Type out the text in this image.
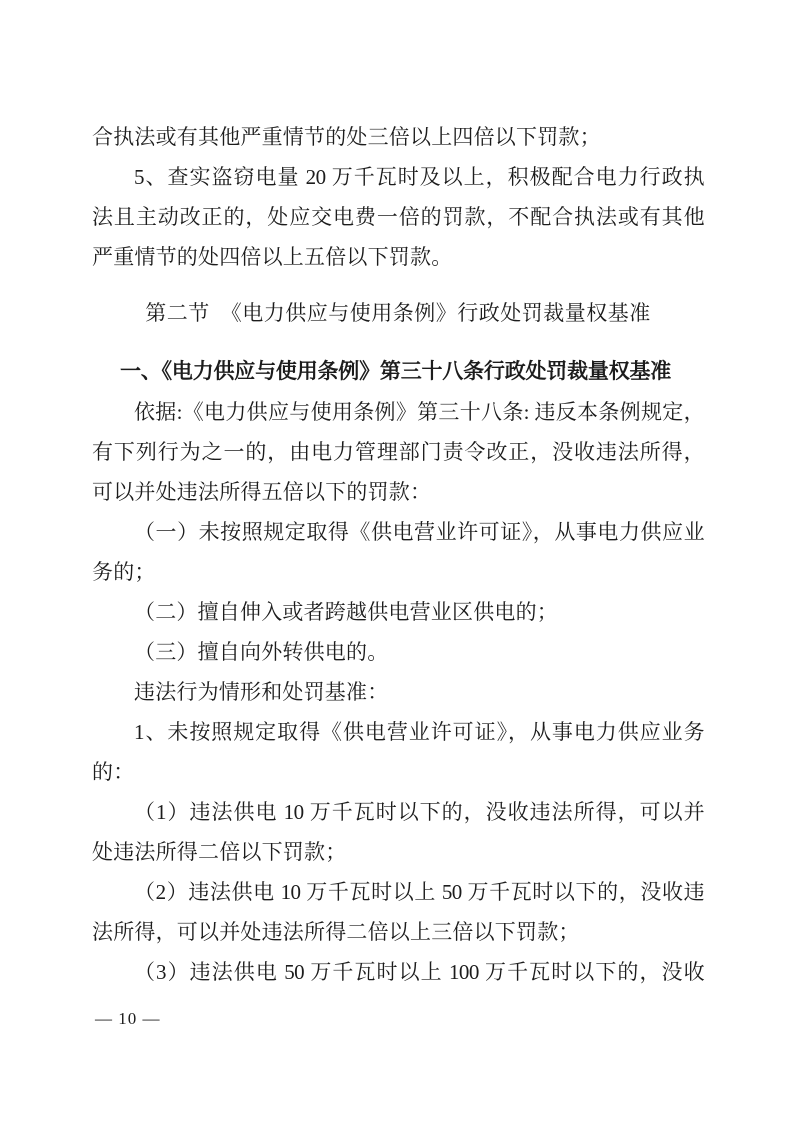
合执法或有其他严重情节的处三倍以上四倍以下罚款；
5、查实盗窃电量 20 万千瓦时及以上，积极配合电力行政执
法且主动改正的，处应交电费一倍的罚款，不配合执法或有其他
严重情节的处四倍以上五倍以下罚款。
第二节　《电力供应与使用条例》行政处罚裁量权基准
一、《电力供应与使用条例》第三十八条行政处罚裁量权基准
依据:《电力供应与使用条例》第三十八条: 违反本条例规定，
有下列行为之一的，由电力管理部门责令改正，没收违法所得，
可以并处违法所得五倍以下的罚款：
（一）未按照规定取得《供电营业许可证》，从事电力供应业
务的；
（二）擅自伸入或者跨越供电营业区供电的；
（三）擅自向外转供电的。
违法行为情形和处罚基准：
1、未按照规定取得《供电营业许可证》，从事电力供应业务
的：
（1）违法供电 10 万千瓦时以下的，没收违法所得，可以并
处违法所得二倍以下罚款；
（2）违法供电 10 万千瓦时以上 50 万千瓦时以下的，没收违
法所得，可以并处违法所得二倍以上三倍以下罚款；
（3）违法供电 50 万千瓦时以上 100 万千瓦时以下的，没收
— 10 —
